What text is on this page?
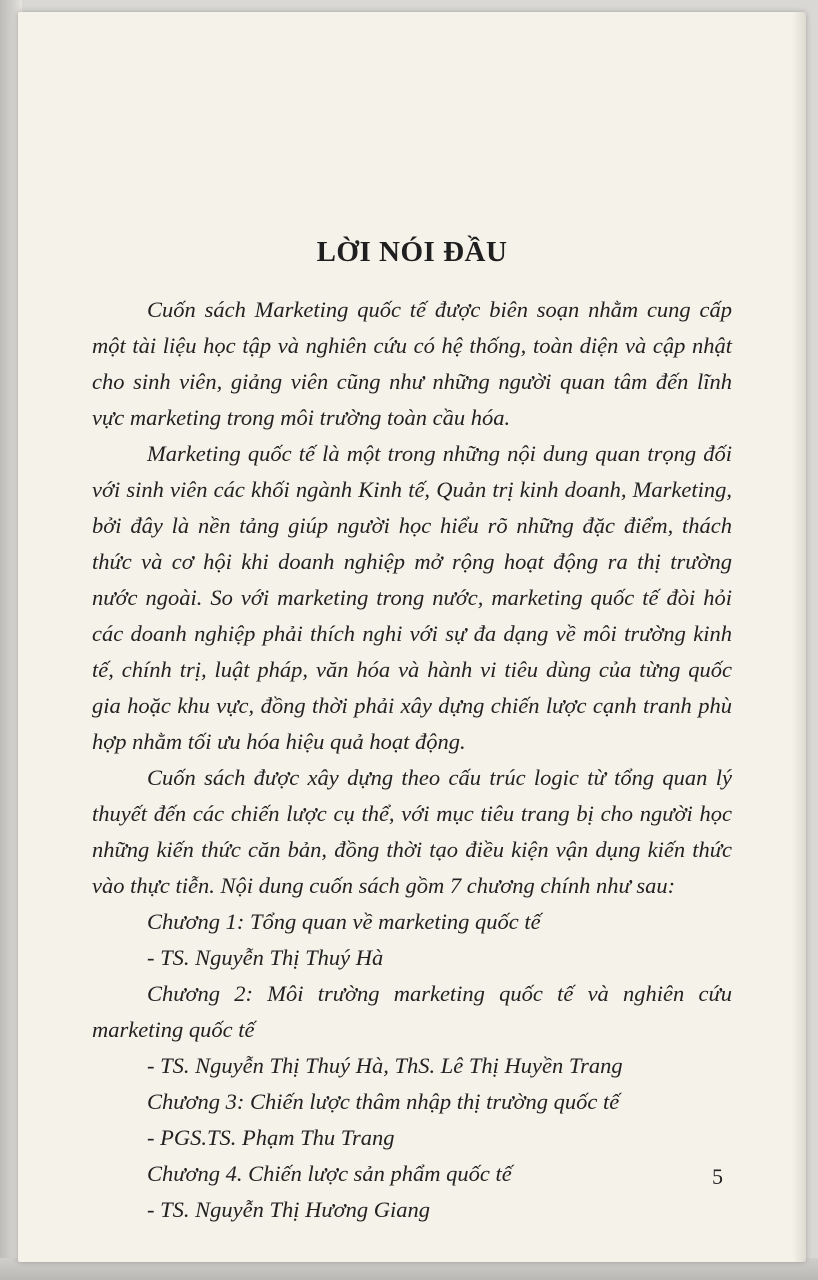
LỜI NÓI ĐẦU

Cuốn sách Marketing quốc tế được biên soạn nhằm cung cấp một tài liệu học tập và nghiên cứu có hệ thống, toàn diện và cập nhật cho sinh viên, giảng viên cũng như những người quan tâm đến lĩnh vực marketing trong môi trường toàn cầu hóa.

Marketing quốc tế là một trong những nội dung quan trọng đối với sinh viên các khối ngành Kinh tế, Quản trị kinh doanh, Marketing, bởi đây là nền tảng giúp người học hiểu rõ những đặc điểm, thách thức và cơ hội khi doanh nghiệp mở rộng hoạt động ra thị trường nước ngoài. So với marketing trong nước, marketing quốc tế đòi hỏi các doanh nghiệp phải thích nghi với sự đa dạng về môi trường kinh tế, chính trị, luật pháp, văn hóa và hành vi tiêu dùng của từng quốc gia hoặc khu vực, đồng thời phải xây dựng chiến lược cạnh tranh phù hợp nhằm tối ưu hóa hiệu quả hoạt động.

Cuốn sách được xây dựng theo cấu trúc logic từ tổng quan lý thuyết đến các chiến lược cụ thể, với mục tiêu trang bị cho người học những kiến thức căn bản, đồng thời tạo điều kiện vận dụng kiến thức vào thực tiễn. Nội dung cuốn sách gồm 7 chương chính như sau:

Chương 1: Tổng quan về marketing quốc tế

- TS. Nguyễn Thị Thuý Hà

Chương 2: Môi trường marketing quốc tế và nghiên cứu marketing quốc tế

- TS. Nguyễn Thị Thuý Hà, ThS. Lê Thị Huyền Trang

Chương 3: Chiến lược thâm nhập thị trường quốc tế

- PGS.TS. Phạm Thu Trang

Chương 4. Chiến lược sản phẩm quốc tế

- TS. Nguyễn Thị Hương Giang

5
